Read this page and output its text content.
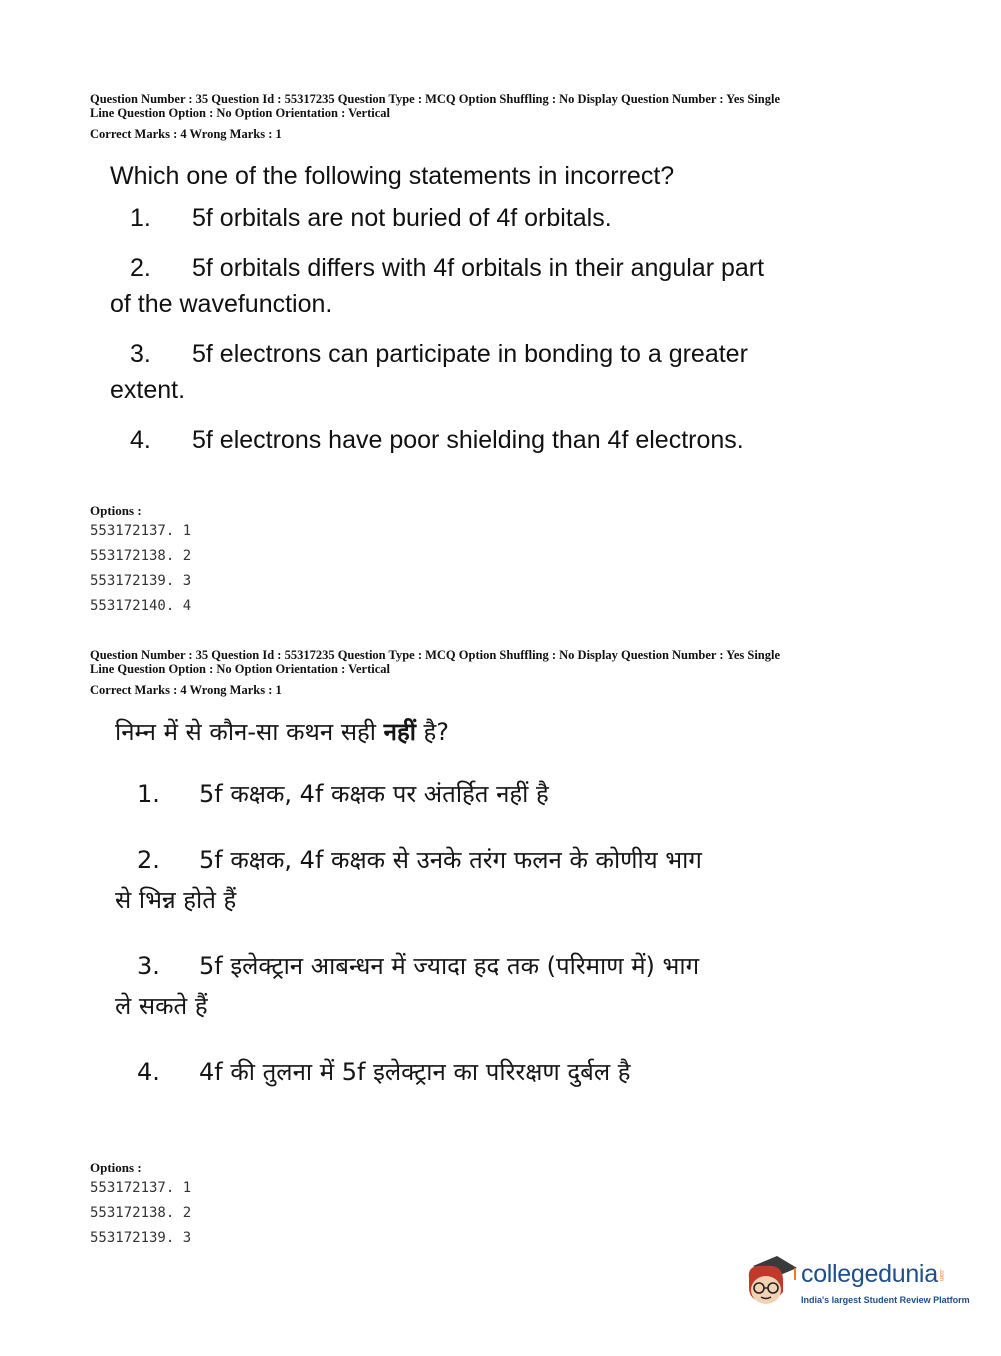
Question Number : 35 Question Id : 55317235 Question Type : MCQ Option Shuffling : No Display Question Number : Yes Single
Line Question Option : No Option Orientation : Vertical

Correct Marks : 4 Wrong Marks : 1

Which one of the following statements in incorrect?

1. 5f orbitals are not buried of 4f orbitals.

2. 5f orbitals differs with 4f orbitals in their angular part
of the wavefunction.

3. 5f electrons can participate in bonding to a greater
extent.

4. 5f electrons have poor shielding than 4f electrons.

Options :
553172137. 1
553172138. 2
553172139. 3
553172140. 4

Question Number : 35 Question Id : 55317235 Question Type : MCQ Option Shuffling : No Display Question Number : Yes Single
Line Question Option : No Option Orientation : Vertical

Correct Marks : 4 Wrong Marks : 1

निम्न में से कौन-सा कथन सही नहीं है?

1. 5f कक्षक, 4f कक्षक पर अंतर्हित नहीं है

2. 5f कक्षक, 4f कक्षक से उनके तरंग फलन के कोणीय भाग
से भिन्न होते हैं

3. 5f इलेक्ट्रान आबन्धन में ज्यादा हद तक (परिमाण में) भाग
ले सकते हैं

4. 4f की तुलना में 5f इलेक्ट्रान का परिरक्षण दुर्बल है

Options :
553172137. 1
553172138. 2
553172139. 3
collegedunia.com
India's largest Student Review Platform
